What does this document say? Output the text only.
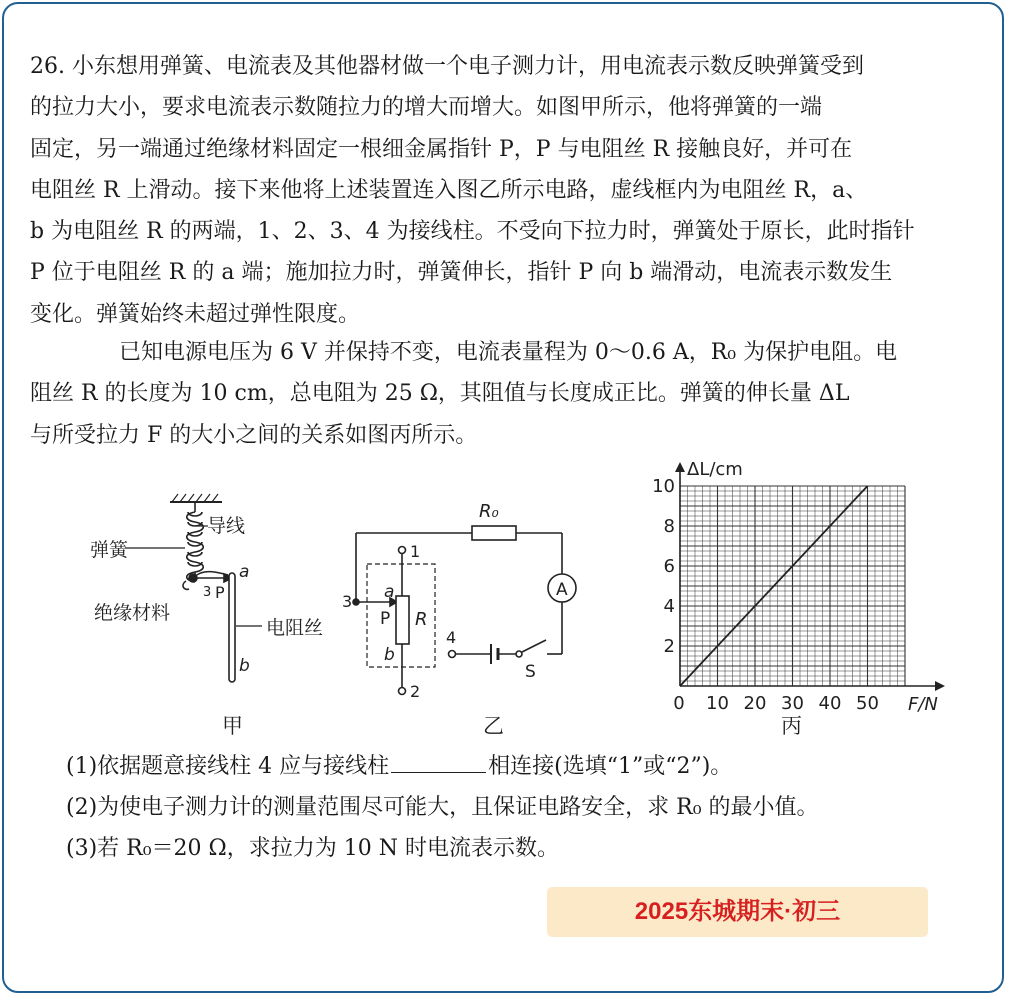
26. 小东想用弹簧、电流表及其他器材做一个电子测力计，用电流表示数反映弹簧受到
的拉力大小，要求电流表示数随拉力的增大而增大。如图甲所示，他将弹簧的一端
固定，另一端通过绝缘材料固定一根细金属指针 P，P 与电阻丝 R 接触良好，并可在
电阻丝 R 上滑动。接下来他将上述装置连入图乙所示电路，虚线框内为电阻丝 R，a、
b 为电阻丝 R 的两端，1、2、3、4 为接线柱。不受向下拉力时，弹簧处于原长，此时指针
P 位于电阻丝 R 的 a 端；施加拉力时，弹簧伸长，指针 P 向 b 端滑动，电流表示数发生
变化。弹簧始终未超过弹性限度。
已知电源电压为 6 V 并保持不变，电流表量程为 0～0.6 A，R₀ 为保护电阻。电
阻丝 R 的长度为 10 cm，总电阻为 25 Ω，其阻值与长度成正比。弹簧的伸长量 ΔL
与所受拉力 F 的大小之间的关系如图丙所示。
弹簧
导线
绝缘材料
电阻丝
a
b
P
3
甲
R₀
A
S
R
P
a
b
1
2
3
4
乙
0 10 20 30 40 50
2
4
6
8
10
F/N
ΔL/cm
丙
(1)依据题意接线柱 4 应与接线柱	相连接(选填“1”或“2”)。
(2)为使电子测力计的测量范围尽可能大，且保证电路安全，求 R₀ 的最小值。
(3)若 R₀＝20 Ω，求拉力为 10 N 时电流表示数。
2025东城期末·初三
